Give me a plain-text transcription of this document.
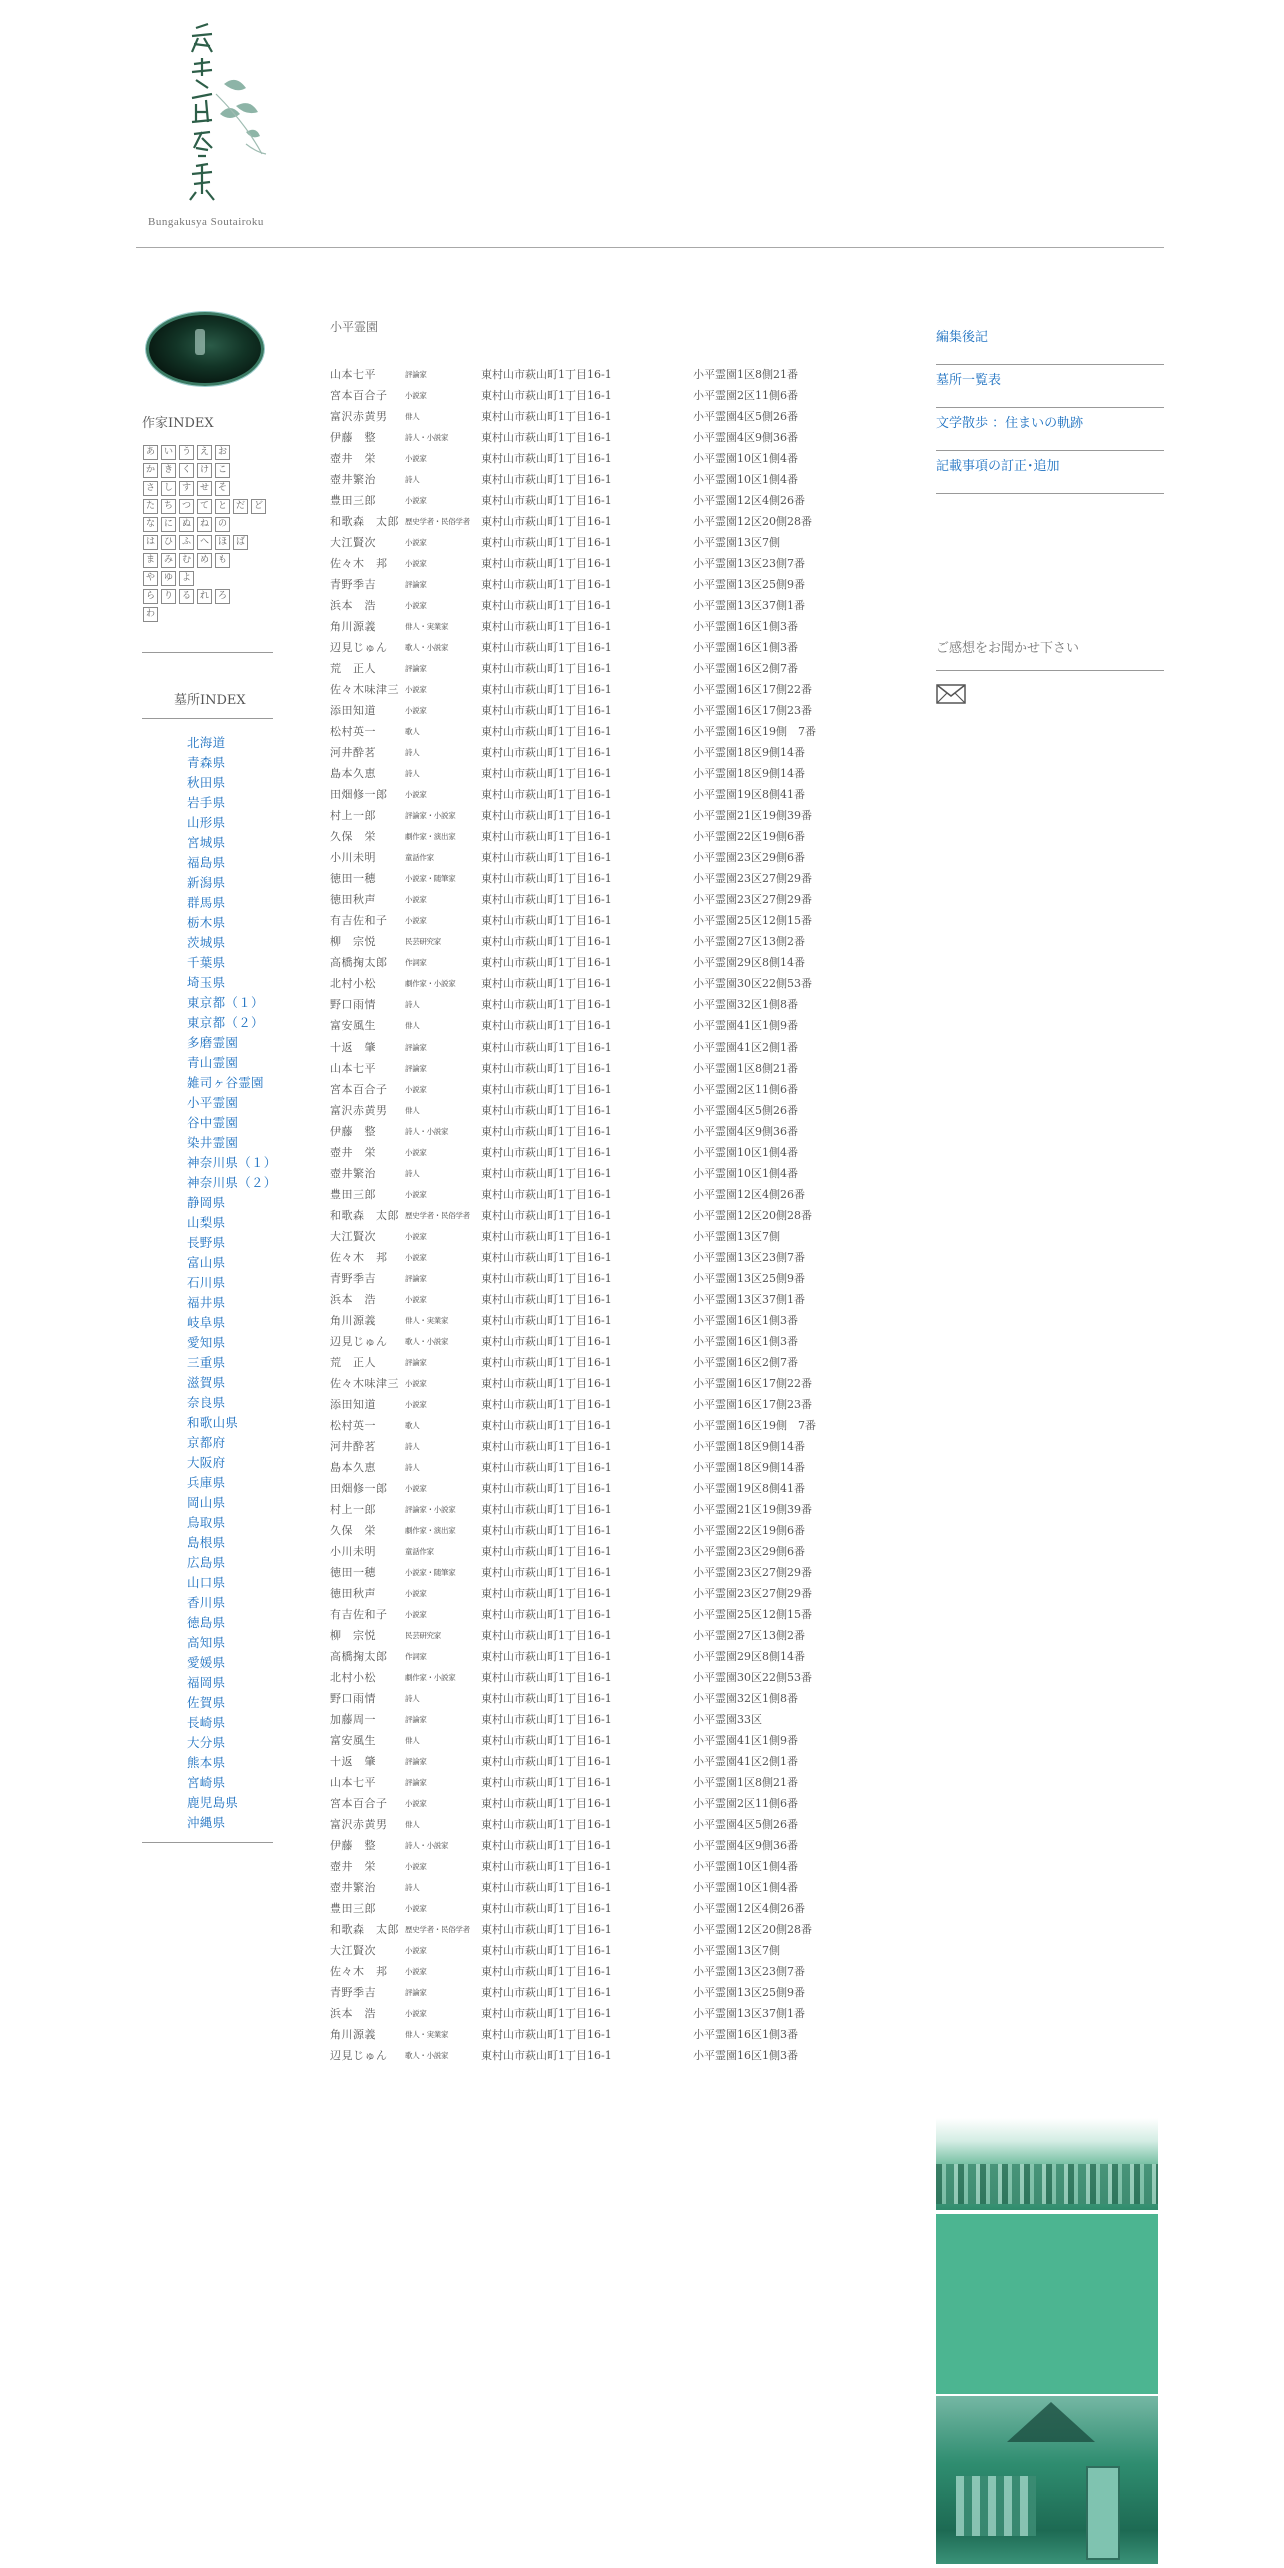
Bungakusya Soutairoku
作家INDEX
あ い う え お
か き く け こ
さ し す せ そ
た ち つ て と だ ど
な に ぬ ね の
は ひ ふ へ ほ ば
ま み む め も
や ゆ よ
ら り る れ ろ
わ
墓所INDEX
北海道
青森県
秋田県
岩手県
山形県
宮城県
福島県
新潟県
群馬県
栃木県
茨城県
千葉県
埼玉県
東京都（１）
東京都（２）
多磨霊園
青山霊園
雑司ヶ谷霊園
小平霊園
谷中霊園
染井霊園
神奈川県（１）
神奈川県（２）
静岡県
山梨県
長野県
富山県
石川県
福井県
岐阜県
愛知県
三重県
滋賀県
奈良県
和歌山県
京都府
大阪府
兵庫県
岡山県
鳥取県
島根県
広島県
山口県
香川県
徳島県
高知県
愛媛県
福岡県
佐賀県
長崎県
大分県
熊本県
宮崎県
鹿児島県
沖縄県
小平霊園
山本七平	評論家	東村山市萩山町1丁目16-1	小平霊園1区8側21番
宮本百合子	小説家	東村山市萩山町1丁目16-1	小平霊園2区11側6番
富沢赤黄男	俳人	東村山市萩山町1丁目16-1	小平霊園4区5側26番
伊藤　整	詩人・小説家	東村山市萩山町1丁目16-1	小平霊園4区9側36番
壺井　栄	小説家	東村山市萩山町1丁目16-1	小平霊園10区1側4番
壺井繁治	詩人	東村山市萩山町1丁目16-1	小平霊園10区1側4番
豊田三郎	小説家	東村山市萩山町1丁目16-1	小平霊園12区4側26番
和歌森　太郎 歴史学者・民俗学者 東村山市萩山町1丁目16-1	小平霊園12区20側28番
大江賢次	小説家	東村山市萩山町1丁目16-1	小平霊園13区7側
佐々木　邦	小説家	東村山市萩山町1丁目16-1	小平霊園13区23側7番
青野季吉	評論家	東村山市萩山町1丁目16-1	小平霊園13区25側9番
浜本　浩	小説家	東村山市萩山町1丁目16-1	小平霊園13区37側1番
角川源義	俳人・実業家	東村山市萩山町1丁目16-1	小平霊園16区1側3番
辺見じゅん	歌人・小説家	東村山市萩山町1丁目16-1	小平霊園16区1側3番
荒　正人	評論家	東村山市萩山町1丁目16-1	小平霊園16区2側7番
佐々木味津三 小説家	東村山市萩山町1丁目16-1	小平霊園16区17側22番
添田知道	小説家	東村山市萩山町1丁目16-1	小平霊園16区17側23番
松村英一	歌人	東村山市萩山町1丁目16-1	小平霊園16区19側　7番
河井酔茗	詩人	東村山市萩山町1丁目16-1	小平霊園18区9側14番
島本久恵	詩人	東村山市萩山町1丁目16-1	小平霊園18区9側14番
田畑修一郎	小説家	東村山市萩山町1丁目16-1	小平霊園19区8側41番
村上一郎	評論家・小説家 東村山市萩山町1丁目16-1	小平霊園21区19側39番
久保　栄	劇作家・演出家 東村山市萩山町1丁目16-1	小平霊園22区19側6番
小川未明	童話作家	東村山市萩山町1丁目16-1	小平霊園23区29側6番
徳田一穂	小説家・随筆家 東村山市萩山町1丁目16-1	小平霊園23区27側29番
徳田秋声	小説家	東村山市萩山町1丁目16-1	小平霊園23区27側29番
有吉佐和子	小説家	東村山市萩山町1丁目16-1	小平霊園25区12側15番
柳　宗悦	民芸研究家	東村山市萩山町1丁目16-1	小平霊園27区13側2番
高橋掬太郎	作詞家	東村山市萩山町1丁目16-1	小平霊園29区8側14番
北村小松	劇作家・小説家 東村山市萩山町1丁目16-1	小平霊園30区22側53番
野口雨情	詩人	東村山市萩山町1丁目16-1	小平霊園32区1側8番
富安風生	俳人	東村山市萩山町1丁目16-1	小平霊園41区1側9番
十返　肇	評論家	東村山市萩山町1丁目16-1	小平霊園41区2側1番
山本七平	評論家	東村山市萩山町1丁目16-1	小平霊園1区8側21番
宮本百合子	小説家	東村山市萩山町1丁目16-1	小平霊園2区11側6番
富沢赤黄男	俳人	東村山市萩山町1丁目16-1	小平霊園4区5側26番
伊藤　整	詩人・小説家	東村山市萩山町1丁目16-1	小平霊園4区9側36番
壺井　栄	小説家	東村山市萩山町1丁目16-1	小平霊園10区1側4番
壺井繁治	詩人	東村山市萩山町1丁目16-1	小平霊園10区1側4番
豊田三郎	小説家	東村山市萩山町1丁目16-1	小平霊園12区4側26番
和歌森　太郎 歴史学者・民俗学者 東村山市萩山町1丁目16-1	小平霊園12区20側28番
大江賢次	小説家	東村山市萩山町1丁目16-1	小平霊園13区7側
佐々木　邦	小説家	東村山市萩山町1丁目16-1	小平霊園13区23側7番
青野季吉	評論家	東村山市萩山町1丁目16-1	小平霊園13区25側9番
浜本　浩	小説家	東村山市萩山町1丁目16-1	小平霊園13区37側1番
角川源義	俳人・実業家	東村山市萩山町1丁目16-1	小平霊園16区1側3番
辺見じゅん	歌人・小説家	東村山市萩山町1丁目16-1	小平霊園16区1側3番
荒　正人	評論家	東村山市萩山町1丁目16-1	小平霊園16区2側7番
佐々木味津三 小説家	東村山市萩山町1丁目16-1	小平霊園16区17側22番
添田知道	小説家	東村山市萩山町1丁目16-1	小平霊園16区17側23番
松村英一	歌人	東村山市萩山町1丁目16-1	小平霊園16区19側　7番
河井酔茗	詩人	東村山市萩山町1丁目16-1	小平霊園18区9側14番
島本久恵	詩人	東村山市萩山町1丁目16-1	小平霊園18区9側14番
田畑修一郎	小説家	東村山市萩山町1丁目16-1	小平霊園19区8側41番
村上一郎	評論家・小説家 東村山市萩山町1丁目16-1	小平霊園21区19側39番
久保　栄	劇作家・演出家 東村山市萩山町1丁目16-1	小平霊園22区19側6番
小川未明	童話作家	東村山市萩山町1丁目16-1	小平霊園23区29側6番
徳田一穂	小説家・随筆家 東村山市萩山町1丁目16-1	小平霊園23区27側29番
徳田秋声	小説家	東村山市萩山町1丁目16-1	小平霊園23区27側29番
有吉佐和子	小説家	東村山市萩山町1丁目16-1	小平霊園25区12側15番
柳　宗悦	民芸研究家	東村山市萩山町1丁目16-1	小平霊園27区13側2番
高橋掬太郎	作詞家	東村山市萩山町1丁目16-1	小平霊園29区8側14番
北村小松	劇作家・小説家 東村山市萩山町1丁目16-1	小平霊園30区22側53番
野口雨情	詩人	東村山市萩山町1丁目16-1	小平霊園32区1側8番
加藤周一	評論家	東村山市萩山町1丁目16-1	小平霊園33区
富安風生	俳人	東村山市萩山町1丁目16-1	小平霊園41区1側9番
十返　肇	評論家	東村山市萩山町1丁目16-1	小平霊園41区2側1番
山本七平	評論家	東村山市萩山町1丁目16-1	小平霊園1区8側21番
宮本百合子	小説家	東村山市萩山町1丁目16-1	小平霊園2区11側6番
富沢赤黄男	俳人	東村山市萩山町1丁目16-1	小平霊園4区5側26番
伊藤　整	詩人・小説家	東村山市萩山町1丁目16-1	小平霊園4区9側36番
壺井　栄	小説家	東村山市萩山町1丁目16-1	小平霊園10区1側4番
壺井繁治	詩人	東村山市萩山町1丁目16-1	小平霊園10区1側4番
豊田三郎	小説家	東村山市萩山町1丁目16-1	小平霊園12区4側26番
和歌森　太郎 歴史学者・民俗学者 東村山市萩山町1丁目16-1	小平霊園12区20側28番
大江賢次	小説家	東村山市萩山町1丁目16-1	小平霊園13区7側
佐々木　邦	小説家	東村山市萩山町1丁目16-1	小平霊園13区23側7番
青野季吉	評論家	東村山市萩山町1丁目16-1	小平霊園13区25側9番
浜本　浩	小説家	東村山市萩山町1丁目16-1	小平霊園13区37側1番
角川源義	俳人・実業家	東村山市萩山町1丁目16-1	小平霊園16区1側3番
辺見じゅん	歌人・小説家	東村山市萩山町1丁目16-1	小平霊園16区1側3番
編集後記
墓所一覧表
文学散歩 ：住まいの軌跡
記載事項の訂正･追加
ご感想をお聞かせ下さい
